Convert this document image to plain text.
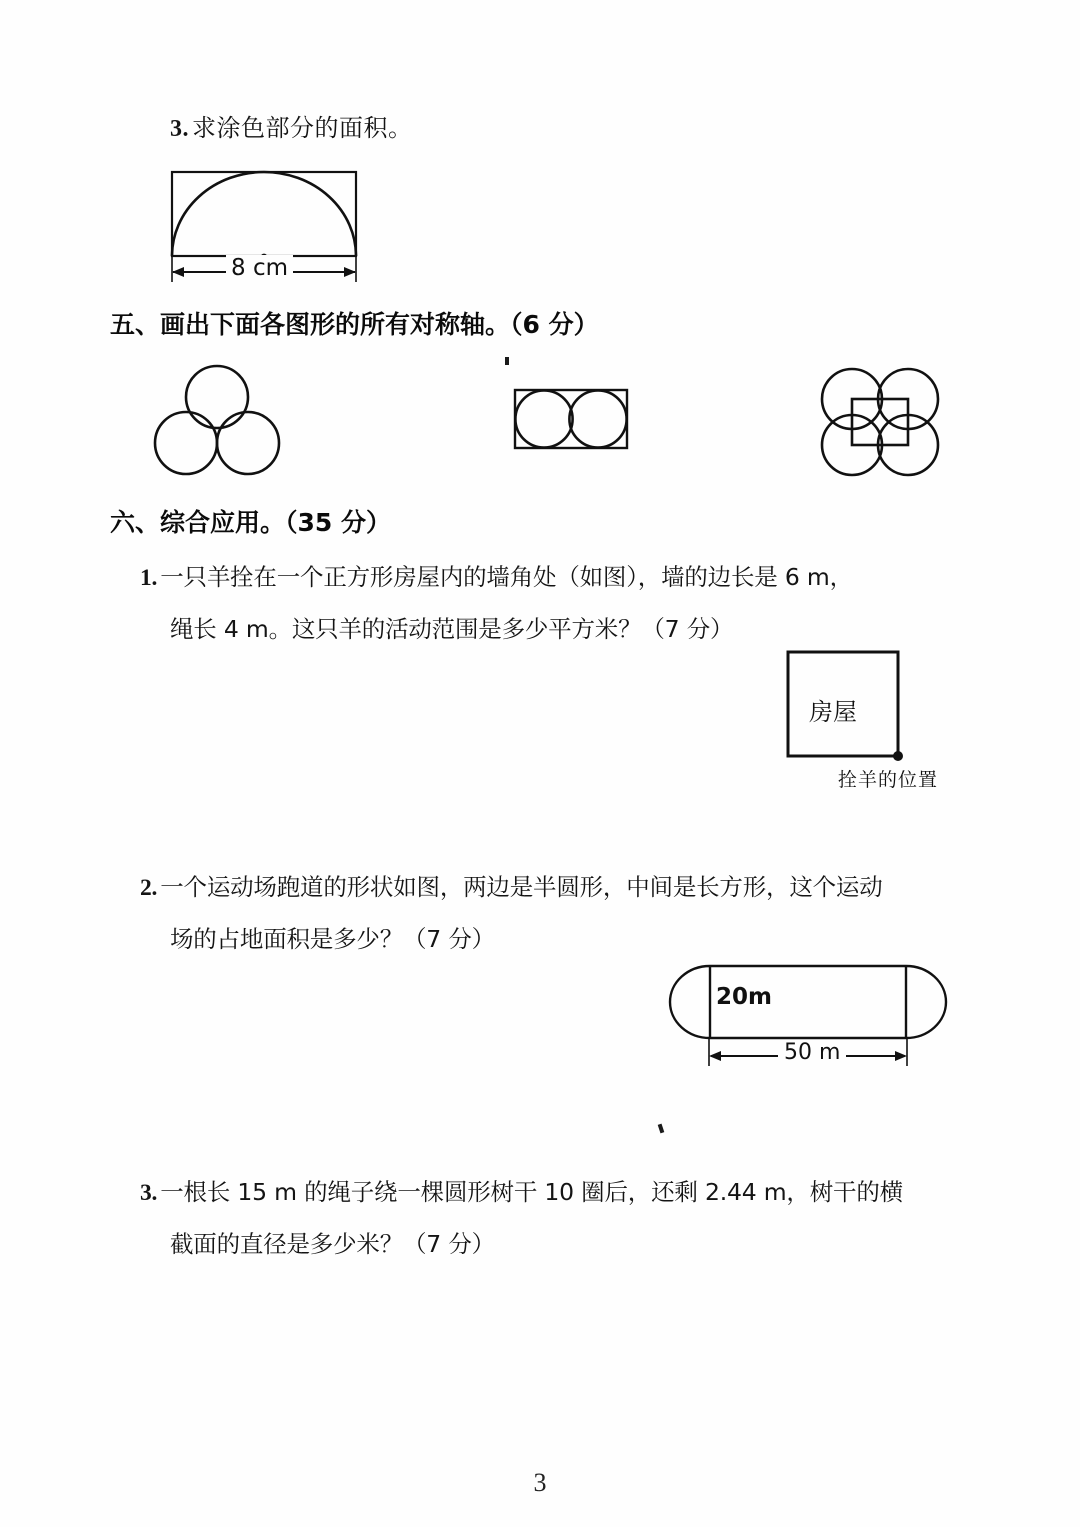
3. 求涂色部分的面积。
8 cm
五、画出下面各图形的所有对称轴。（6 分）
六、综合应用。（35 分）
1. 一只羊拴在一个正方形房屋内的墙角处（如图），墙的边长是 6 m，
绳长 4 m。这只羊的活动范围是多少平方米？（7 分）
房屋
拴羊的位置
2. 一个运动场跑道的形状如图，两边是半圆形，中间是长方形，这个运动
场的占地面积是多少？（7 分）
20m
50 m
3. 一根长 15 m 的绳子绕一棵圆形树干 10 圈后，还剩 2.44 m，树干的横
截面的直径是多少米？（7 分）
3
